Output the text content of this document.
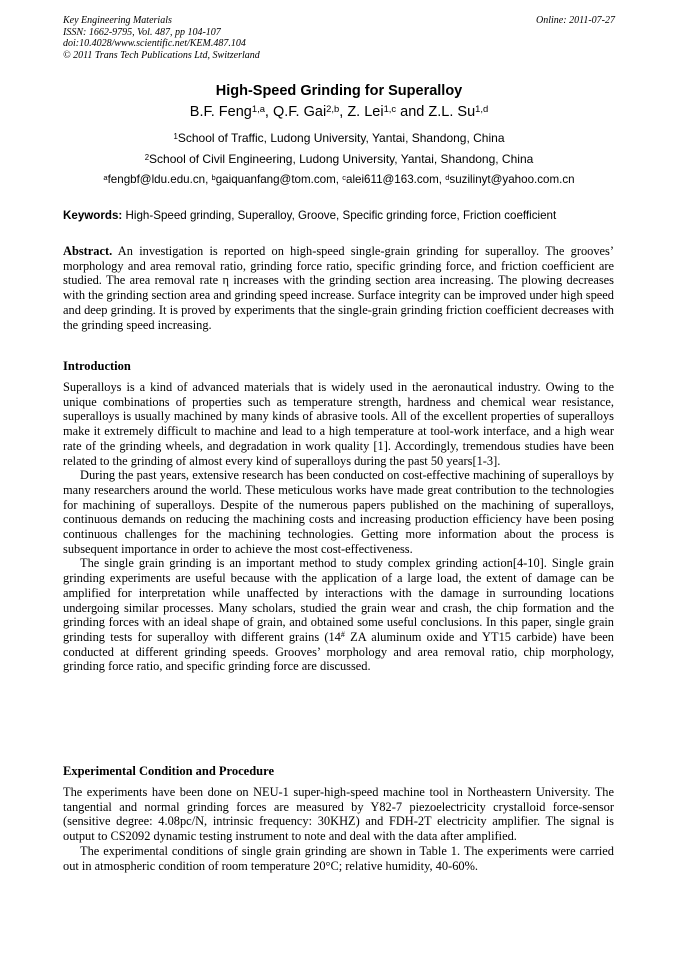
Key Engineering Materials
ISSN: 1662-9795, Vol. 487, pp 104-107
doi:10.4028/www.scientific.net/KEM.487.104
© 2011 Trans Tech Publications Ltd, Switzerland
Online: 2011-07-27
High-Speed Grinding for Superalloy
B.F. Feng$^{1,a}$, Q.F. Gai$^{2,b}$, Z. Lei$^{1,c}$ and Z.L. Su$^{1,d}$
$^1$School of Traffic, Ludong University, Yantai, Shandong, China
$^2$School of Civil Engineering, Ludong University, Yantai, Shandong, China
$^a$fengbf@ldu.edu.cn, $^b$gaiquanfang@tom.com, $^c$alei611@163.com, $^d$suzilinyt@yahoo.com.cn
Keywords: High-Speed grinding, Superalloy, Groove, Specific grinding force, Friction coefficient
Abstract. An investigation is reported on high-speed single-grain grinding for superalloy. The grooves’ morphology and area removal ratio, grinding force ratio, specific grinding force, and friction coefficient are studied. The area removal rate η increases with the grinding section area increasing. The plowing decreases with the grinding section area and grinding speed increase. Surface integrity can be improved under high speed and deep grinding. It is proved by experiments that the single-grain grinding friction coefficient decreases with the grinding speed increasing.
Introduction

Superalloys is a kind of advanced materials that is widely used in the aeronautical industry. Owing to the unique combinations of properties such as temperature strength, hardness and chemical wear resistance, superalloys is usually machined by many kinds of abrasive tools. All of the excellent properties of superalloys make it extremely difficult to machine and lead to a high temperature at tool-work interface, and a high wear rate of the grinding wheels, and degradation in work quality [1]. Accordingly, tremendous studies have been related to the grinding of almost every kind of superalloys during the past 50 years[1-3].

During the past years, extensive research has been conducted on cost-effective machining of superalloys by many researchers around the world. These meticulous works have made great contribution to the technologies for machining of superalloys. Despite of the numerous papers published on the machining of superalloys, continuous demands on reducing the machining costs and increasing production efficiency have been posing continuous challenges for the machining technologies. Getting more information about the process is subsequent importance in order to achieve the most cost-effectiveness.

The single grain grinding is an important method to study complex grinding action[4-10]. Single grain grinding experiments are useful because with the application of a large load, the extent of damage can be amplified for interpretation while unaffected by interactions with the damage in surrounding locations undergoing similar processes. Many scholars, studied the grain wear and crash, the chip formation and the grinding forces with an ideal shape of grain, and obtained some useful conclusions. In this paper, single grain grinding tests for superalloy with different grains (14# ZA aluminum oxide and YT15 carbide) have been conducted at different grinding speeds. Grooves’ morphology and area removal ratio, chip morphology, grinding force ratio, and specific grinding force are discussed.

Experimental Condition and Procedure

The experiments have been done on NEU-1 super-high-speed machine tool in Northeastern University. The tangential and normal grinding forces are measured by Y82-7 piezoelectricity crystalloid force-sensor (sensitive degree: 4.08pc/N, intrinsic frequency: 30KHZ) and FDH-2T electricity amplifier. The signal is output to CS2092 dynamic testing instrument to note and deal with the data after amplified.

The experimental conditions of single grain grinding are shown in Table 1. The experiments were carried out in atmospheric condition of room temperature 20°C; relative humidity, 40-60%.
